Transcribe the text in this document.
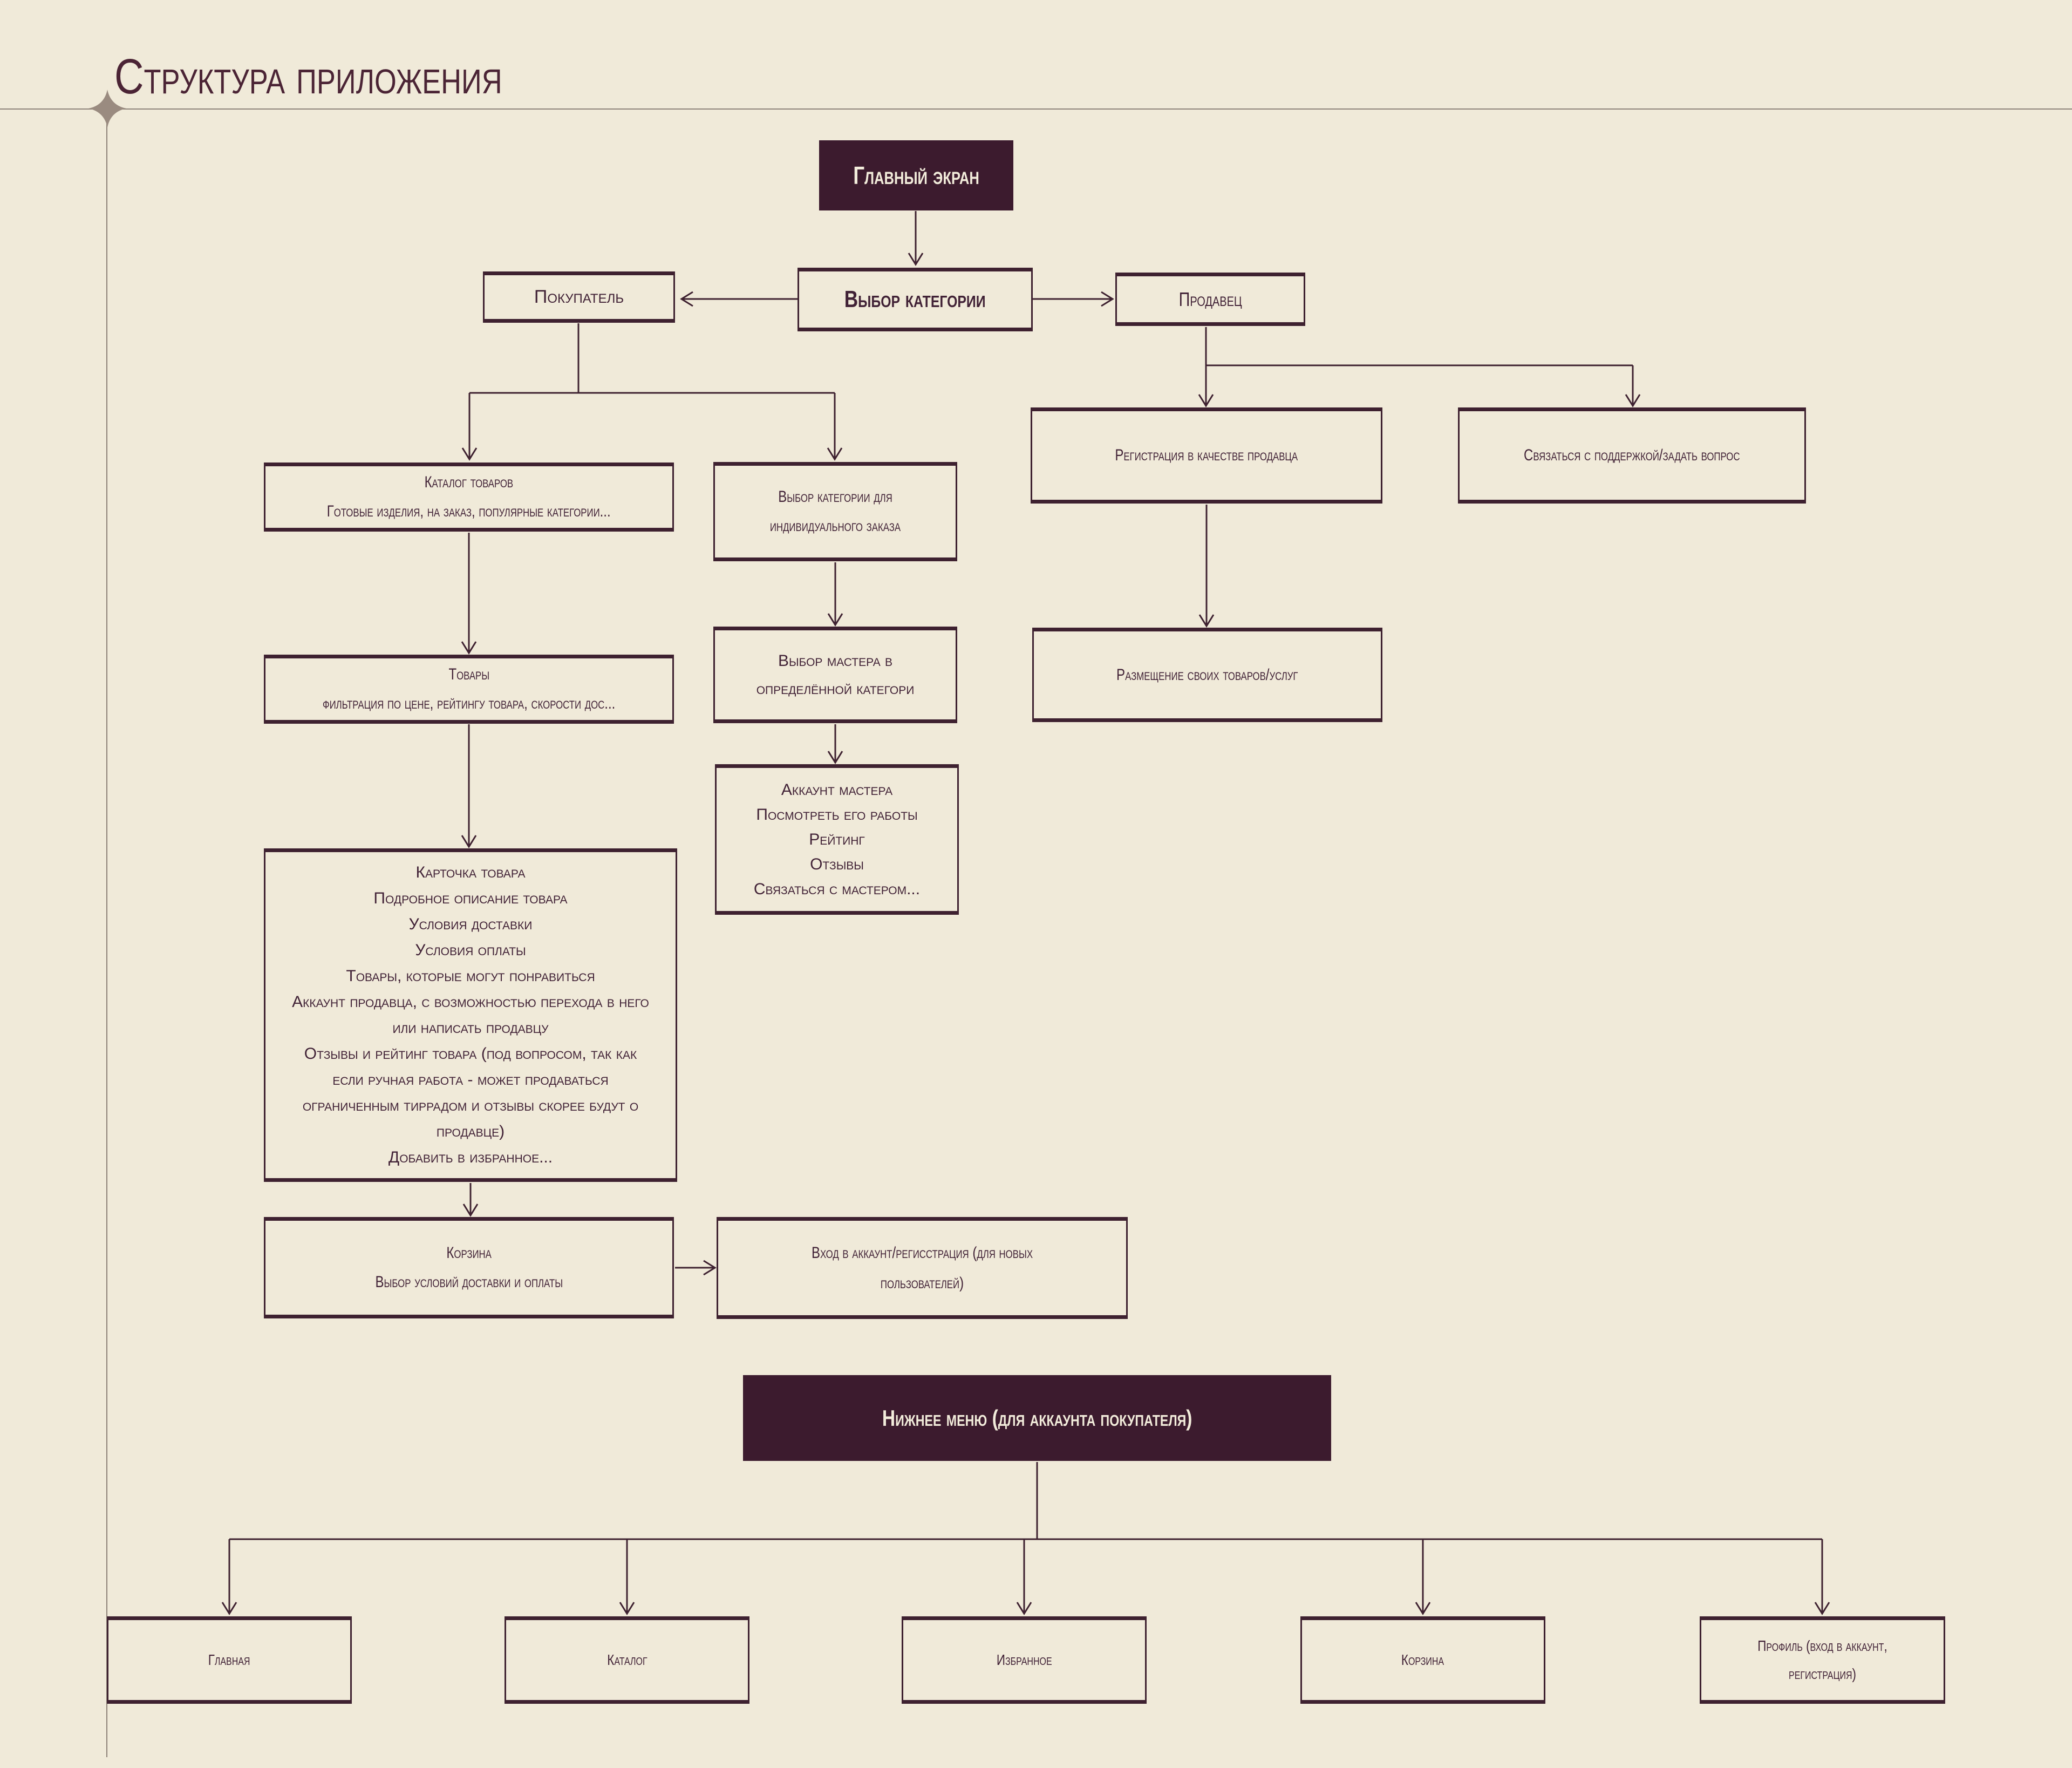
Структура приложения
Главный экран
Выбор категории
Покупатель	Продавец
Каталог товаров
Готовые изделия, на заказ, популярные категории...
Выбор категории для индивидуального заказа
Товары
фильтрация по цене, рейтингу товара, скорости дос...
Выбор мастера в определённой категори
Аккаунт мастера
Посмотреть его работы
Рейтинг
Отзывы
Связаться с мастером...
Карточка товара
Подробное описание товара
Условия доставки
Условия оплаты
Товары, которые могут понравиться
Аккаунт продавца, с возможностью перехода в него или написать продавцу
Отзывы и рейтинг товара (под вопросом, так как если ручная работа - может продаваться ограниченным тиррадом и отзывы скорее будут о продавце)
Добавить в избранное...
Корзина
Выбор условий доставки и оплаты
Вход в аккаунт/регисстрация (для новых пользователей)
Регистрация в качестве продавца	Связаться с поддержкой/задать вопрос
Размещение своих товаров/услуг
Нижнее меню (для аккаунта покупателя)
Главная	Каталог	Избранное	Корзина
Профиль (вход в аккаунт, регистрация)
